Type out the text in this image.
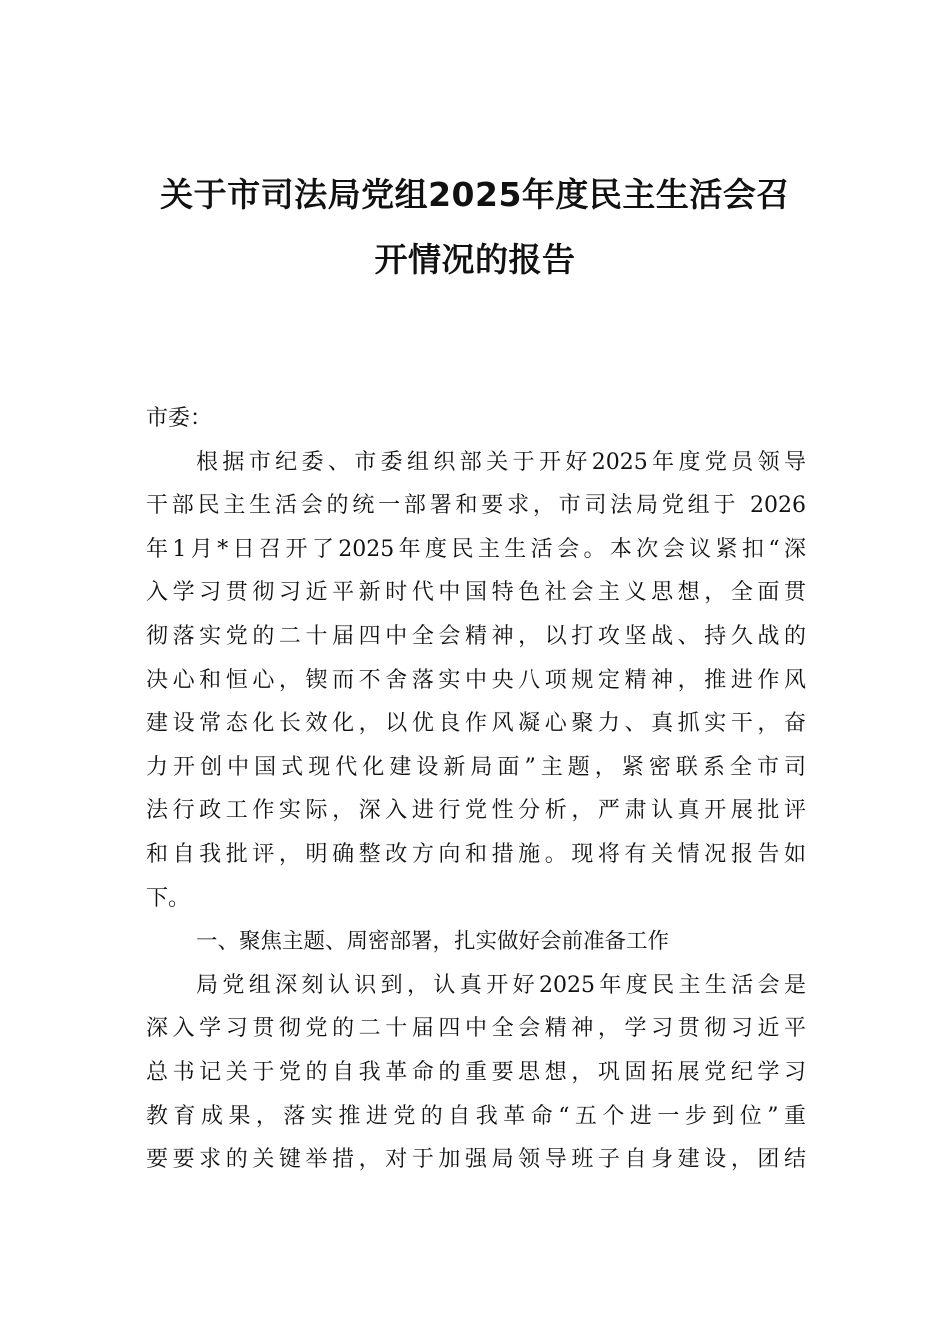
关于市司法局党组2025年度民主生活会召
开情况的报告
市委：
根据市纪委、市委组织部关于开好2025年度党员领导
干部民主生活会的统一部署和要求，市司法局党组于 2026
年1月*日召开了2025年度民主生活会。本次会议紧扣“深
入学习贯彻习近平新时代中国特色社会主义思想，全面贯
彻落实党的二十届四中全会精神，以打攻坚战、持久战的
决心和恒心，锲而不舍落实中央八项规定精神，推进作风
建设常态化长效化，以优良作风凝心聚力、真抓实干，奋
力开创中国式现代化建设新局面”主题，紧密联系全市司
法行政工作实际，深入进行党性分析，严肃认真开展批评
和自我批评，明确整改方向和措施。现将有关情况报告如
下。
一、聚焦主题、周密部署，扎实做好会前准备工作
局党组深刻认识到，认真开好2025年度民主生活会是
深入学习贯彻党的二十届四中全会精神，学习贯彻习近平
总书记关于党的自我革命的重要思想，巩固拓展党纪学习
教育成果，落实推进党的自我革命“五个进一步到位”重
要要求的关键举措，对于加强局领导班子自身建设，团结
